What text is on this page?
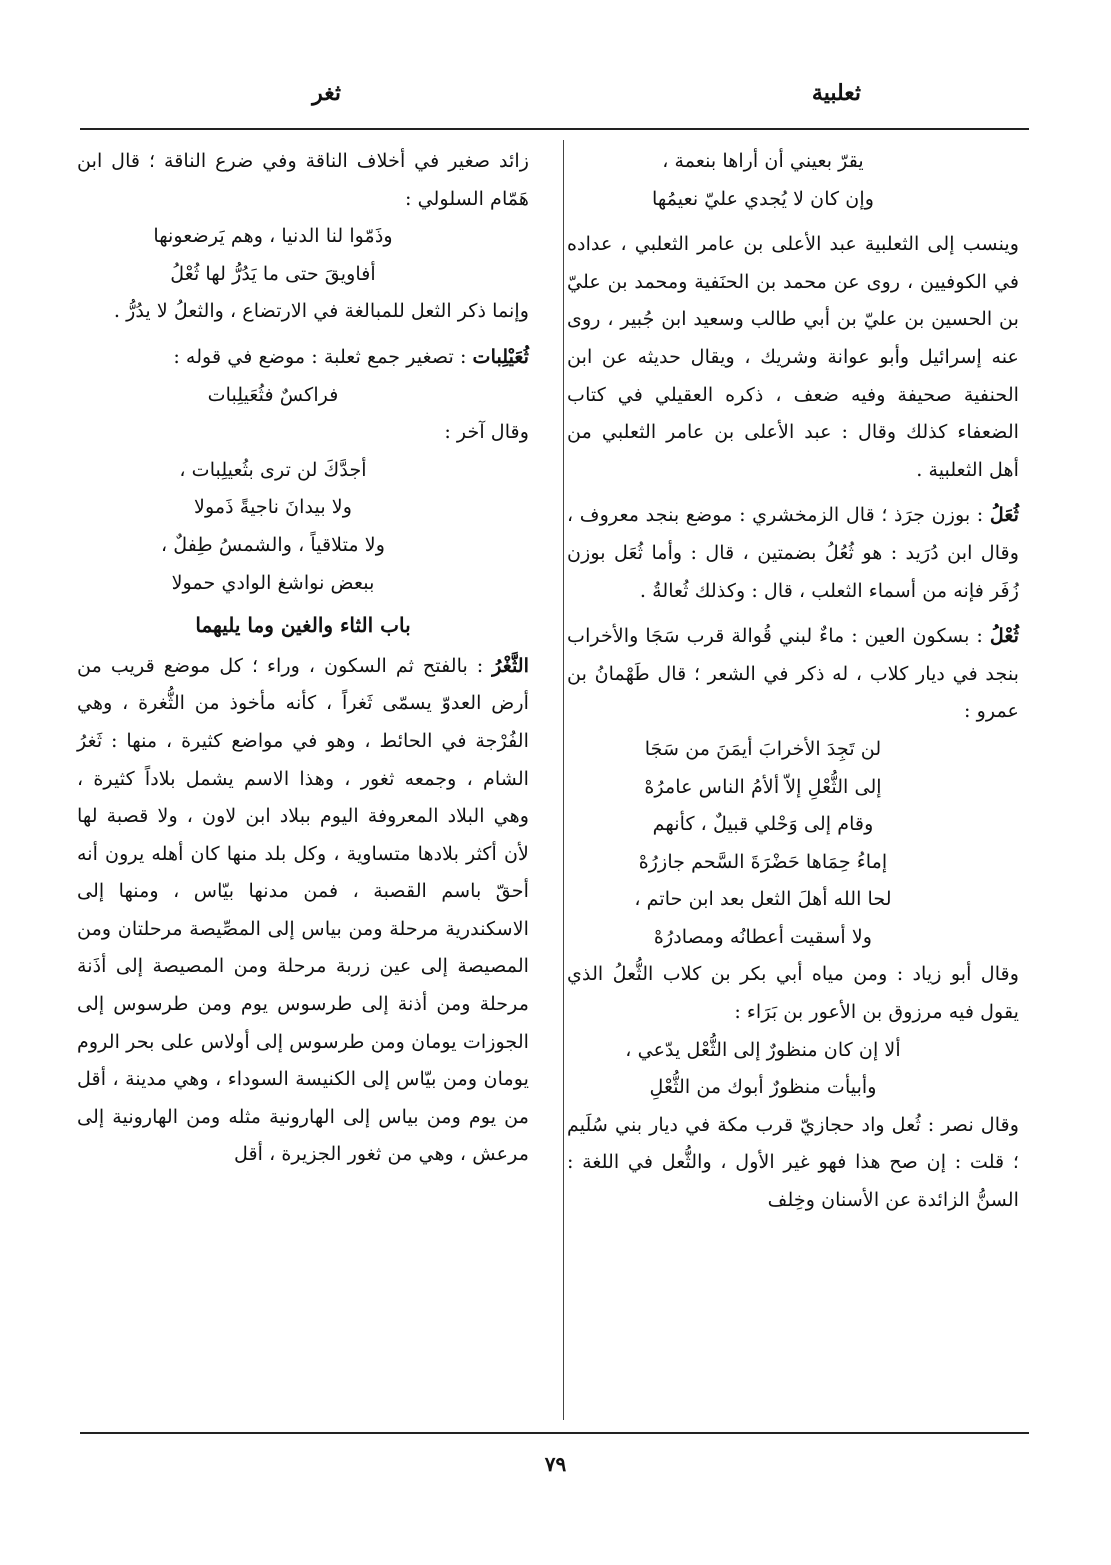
ثعلبية
ثغر

يقرّ بعيني أن أراها بنعمة ،

وإن كان لا يُجدي عليّ نعيمُها

وينسب إلى الثعلبية عبد الأعلى بن عامر الثعلبي ، عداده في الكوفيين ، روى عن محمد بن الحنَفية ومحمد بن عليّ بن الحسين بن عليّ بن أبي طالب وسعيد ابن جُبير ، روى عنه إسرائيل وأبو عوانة وشريك ، ويقال حديثه عن ابن الحنفية صحيفة وفيه ضعف ، ذكره العقيلي في كتاب الضعفاء كذلك وقال : عبد الأعلى بن عامر الثعلبي من أهل الثعلبية .

ثُعَلُ : بوزن جرَذ ؛ قال الزمخشري : موضع بنجد معروف ، وقال ابن دُرَيد : هو ثُعُلُ بضمتين ، قال : وأما ثُعَل بوزن زُفَر فإنه من أسماء الثعلب ، قال : وكذلك ثُعالةُ .

ثُعْلُ : بسكون العين : ماءٌ لبني قُوالة قرب سَجَا والأخراب بنجد في ديار كلاب ، له ذكر في الشعر ؛ قال طَهْمانُ بن عمرو :

لن تَجِدَ الأخرابَ أيمَنَ من سَجَا

إلى الثُّعْلِ إلاّ ألأمُ الناس عامرُهْ

وقام إلى وَحْلي قبيلٌ ، كأنهم

إماءُ حِمَاها حَضْرَةَ السَّحم جازرُهْ

لحا الله أهلَ الثعل بعد ابن حاتم ،

ولا أسقيت أعطانُه ومصادرُهْ

وقال أبو زياد : ومن مياه أبي بكر بن كلاب الثُّعلُ الذي يقول فيه مرزوق بن الأعور بن بَرَاء :

ألا إن كان منظورٌ إلى الثُّعْل يدّعي ،

وأبيأت منظورٌ أبوك من الثُّعْلِ

وقال نصر : ثُعل واد حجازيّ قرب مكة في ديار بني سُلَيم ؛ قلت : إن صح هذا فهو غير الأول ، والثُّعل في اللغة : السنُّ الزائدة عن الأسنان وخِلف

زائد صغير في أخلاف الناقة وفي ضرع الناقة ؛ قال ابن هَمّام السلولي :

وذَمّوا لنا الدنيا ، وهم يَرضعونها

أفاويقَ حتى ما يَدُرُّ لها ثُعْلُ

وإنما ذكر الثعل للمبالغة في الارتضاع ، والثعلُ لا يدُرُّ .

ثُعَيْلِبات : تصغير جمع ثعلبة : موضع في قوله :

فراكسٌ فثُعَيلِبات

وقال آخر :

أجدَّكَ لن ترى بثُعيلِبات ،

ولا بيدانَ ناجيةً ذَمولا

ولا متلاقياً ، والشمسُ طِفلٌ ،

ببعض نواشغ الوادي حمولا

باب الثاء والغين وما يليهما

الثَّغْرُ : بالفتح ثم السكون ، وراء ؛ كل موضع قريب من أرض العدوّ يسمّى ثَغراً ، كأنه مأخوذ من الثُّغرة ، وهي الفُرْجة في الحائط ، وهو في مواضع كثيرة ، منها : ثَغرُ الشام ، وجمعه ثغور ، وهذا الاسم يشمل بلاداً كثيرة ، وهي البلاد المعروفة اليوم ببلاد ابن لاون ، ولا قصبة لها لأن أكثر بلادها متساوية ، وكل بلد منها كان أهله يرون أنه أحقّ باسم القصبة ، فمن مدنها بيّاس ، ومنها إلى الاسكندرية مرحلة ومن بياس إلى المصِّيصة مرحلتان ومن المصيصة إلى عين زربة مرحلة ومن المصيصة إلى أذَنة مرحلة ومن أذنة إلى طرسوس يوم ومن طرسوس إلى الجوزات يومان ومن طرسوس إلى أولاس على بحر الروم يومان ومن بيّاس إلى الكنيسة السوداء ، وهي مدينة ، أقل من يوم ومن بياس إلى الهارونية مثله ومن الهارونية إلى مرعش ، وهي من ثغور الجزيرة ، أقل

٧٩
